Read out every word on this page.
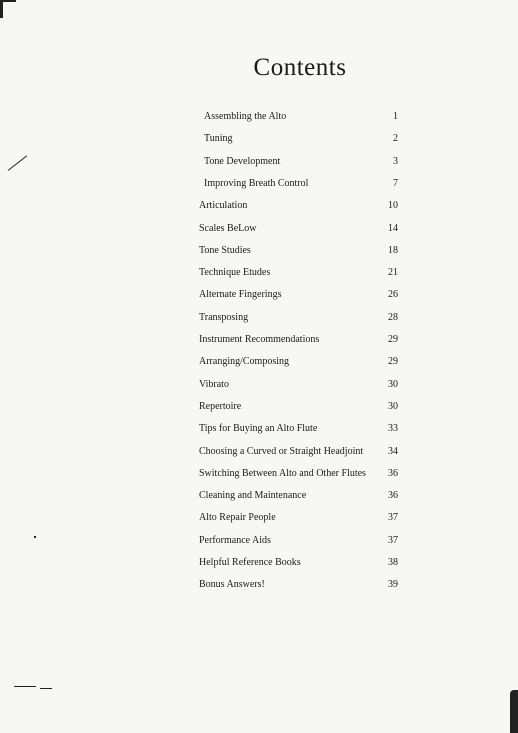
Contents
Assembling the Alto	1
Tuning	2
Tone Development	3
Improving Breath Control	7
Articulation	10
Scales BeLow	14
Tone Studies	18
Technique Etudes	21
Alternate Fingerings	26
Transposing	28
Instrument Recommendations	29
Arranging/Composing	29
Vibrato	30
Repertoire	30
Tips for Buying an Alto Flute	33
Choosing a Curved or Straight Headjoint	34
Switching Between Alto and Other Flutes	36
Cleaning and Maintenance	36
Alto Repair People	37
Performance Aids	37
Helpful Reference Books	38
Bonus Answers!	39
